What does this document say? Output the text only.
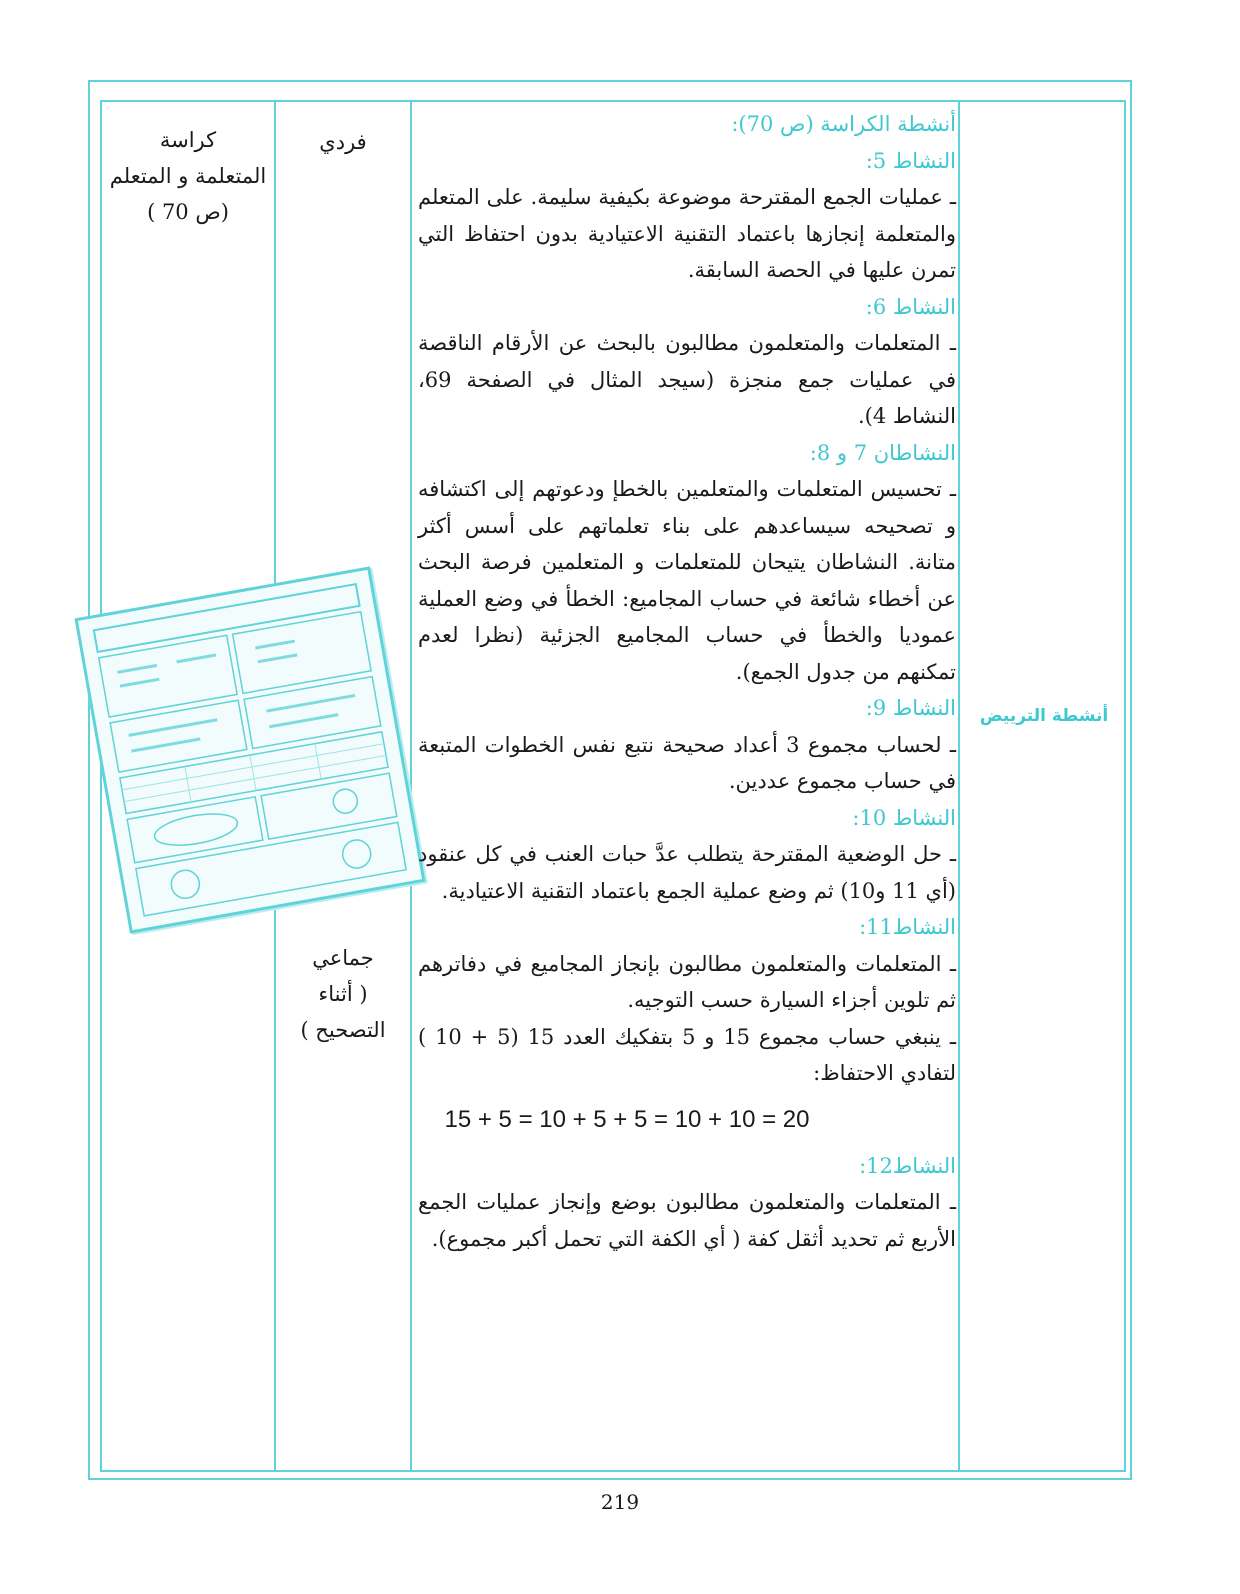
كراسة
المتعلمة و المتعلم
(ص 70 )
فردي
جماعي
( أثناء
التصحيح )
أنشطة الترييض

أنشطة الكراسة (ص 70):

النشاط 5:

ـ عمليات الجمع المقترحة موضوعة بكيفية سليمة. على المتعلم والمتعلمة إنجازها باعتماد التقنية الاعتيادية بدون احتفاظ التي تمرن عليها في الحصة السابقة.

النشاط 6:

ـ المتعلمات والمتعلمون مطالبون بالبحث عن الأرقام الناقصة في عمليات جمع منجزة (سيجد المثال في الصفحة 69، النشاط 4).

النشاطان 7 و 8:

ـ تحسيس المتعلمات والمتعلمين بالخطإ ودعوتهم إلى اكتشافه و تصحيحه سيساعدهم على بناء تعلماتهم على أسس أكثر متانة. النشاطان يتيحان للمتعلمات و المتعلمين فرصة البحث عن أخطاء شائعة في حساب المجاميع: الخطأ في وضع العملية عموديا والخطأ في حساب المجاميع الجزئية (نظرا لعدم تمكنهم من جدول الجمع).

النشاط 9:

ـ لحساب مجموع 3 أعداد صحيحة نتبع نفس الخطوات المتبعة في حساب مجموع عددين.

النشاط 10:

ـ حل الوضعية المقترحة يتطلب عدَّ حبات العنب في كل عنقود (أي 11 و10) ثم وضع عملية الجمع باعتماد التقنية الاعتيادية.

النشاط11:

ـ المتعلمات والمتعلمون مطالبون بإنجاز المجاميع في دفاترهم ثم تلوين أجزاء السيارة حسب التوجيه.

ـ ينبغي حساب مجموع 15 و 5 بتفكيك العدد 15 (5 + 10 ) لتفادي الاحتفاظ:

15 + 5 = 10 + 5 + 5 = 10 + 10 = 20

النشاط12:

ـ المتعلمات والمتعلمون مطالبون بوضع وإنجاز عمليات الجمع الأربع ثم تحديد أثقل كفة ( أي الكفة التي تحمل أكبر مجموع).

219
